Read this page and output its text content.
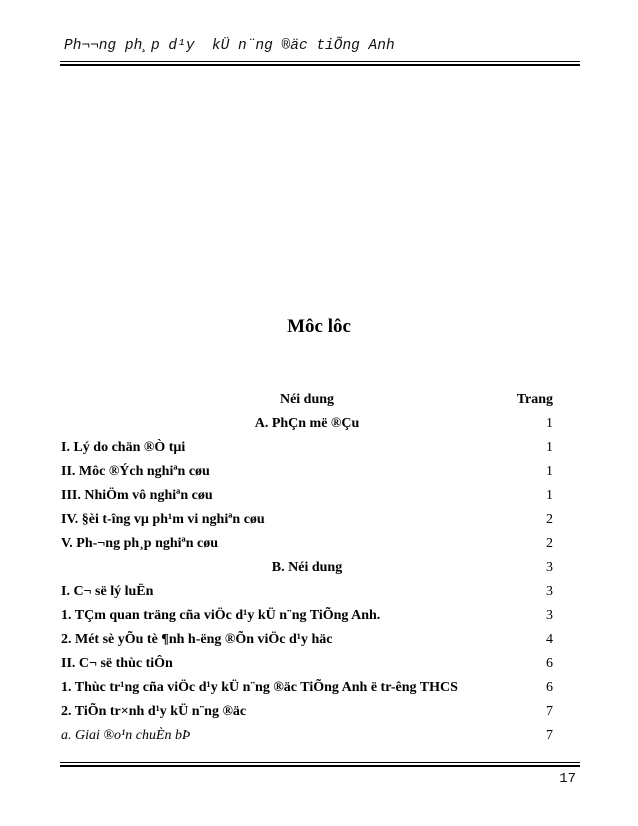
Ph¬¬ng ph¸p d¹y  kÜ n¨ng ®äc tiÕng Anh
Môc lôc
Néi dung	Trang
A. PhÇn më ®Çu	1
I. Lý do chän ®Ò tµi	1
II. Môc ®Ých nghiªn cøu	1
III. NhiÖm vô nghiªn cøu	1
IV. §èi t-îng vµ ph¹m vi nghiªn cøu	2
V. Ph-¬ng ph¸p nghiªn cøu	2
B. Néi dung	3
I. C¬ së lý luËn	3
1. TÇm quan träng cña viÖc d¹y kÜ n¨ng TiÕng Anh.	3
2. Mét sè yÕu tè ¶nh h-ëng ®Õn viÖc d¹y häc	4
II. C¬ së thùc tiÔn	6
1. Thùc tr¹ng cña viÖc d¹y kÜ n¨ng ®äc TiÕng Anh ë tr-êng THCS	6
2. TiÕn tr×nh d¹y kÜ n¨ng ®äc	7
a. Giai ®o¹n chuÈn bÞ	7
17
